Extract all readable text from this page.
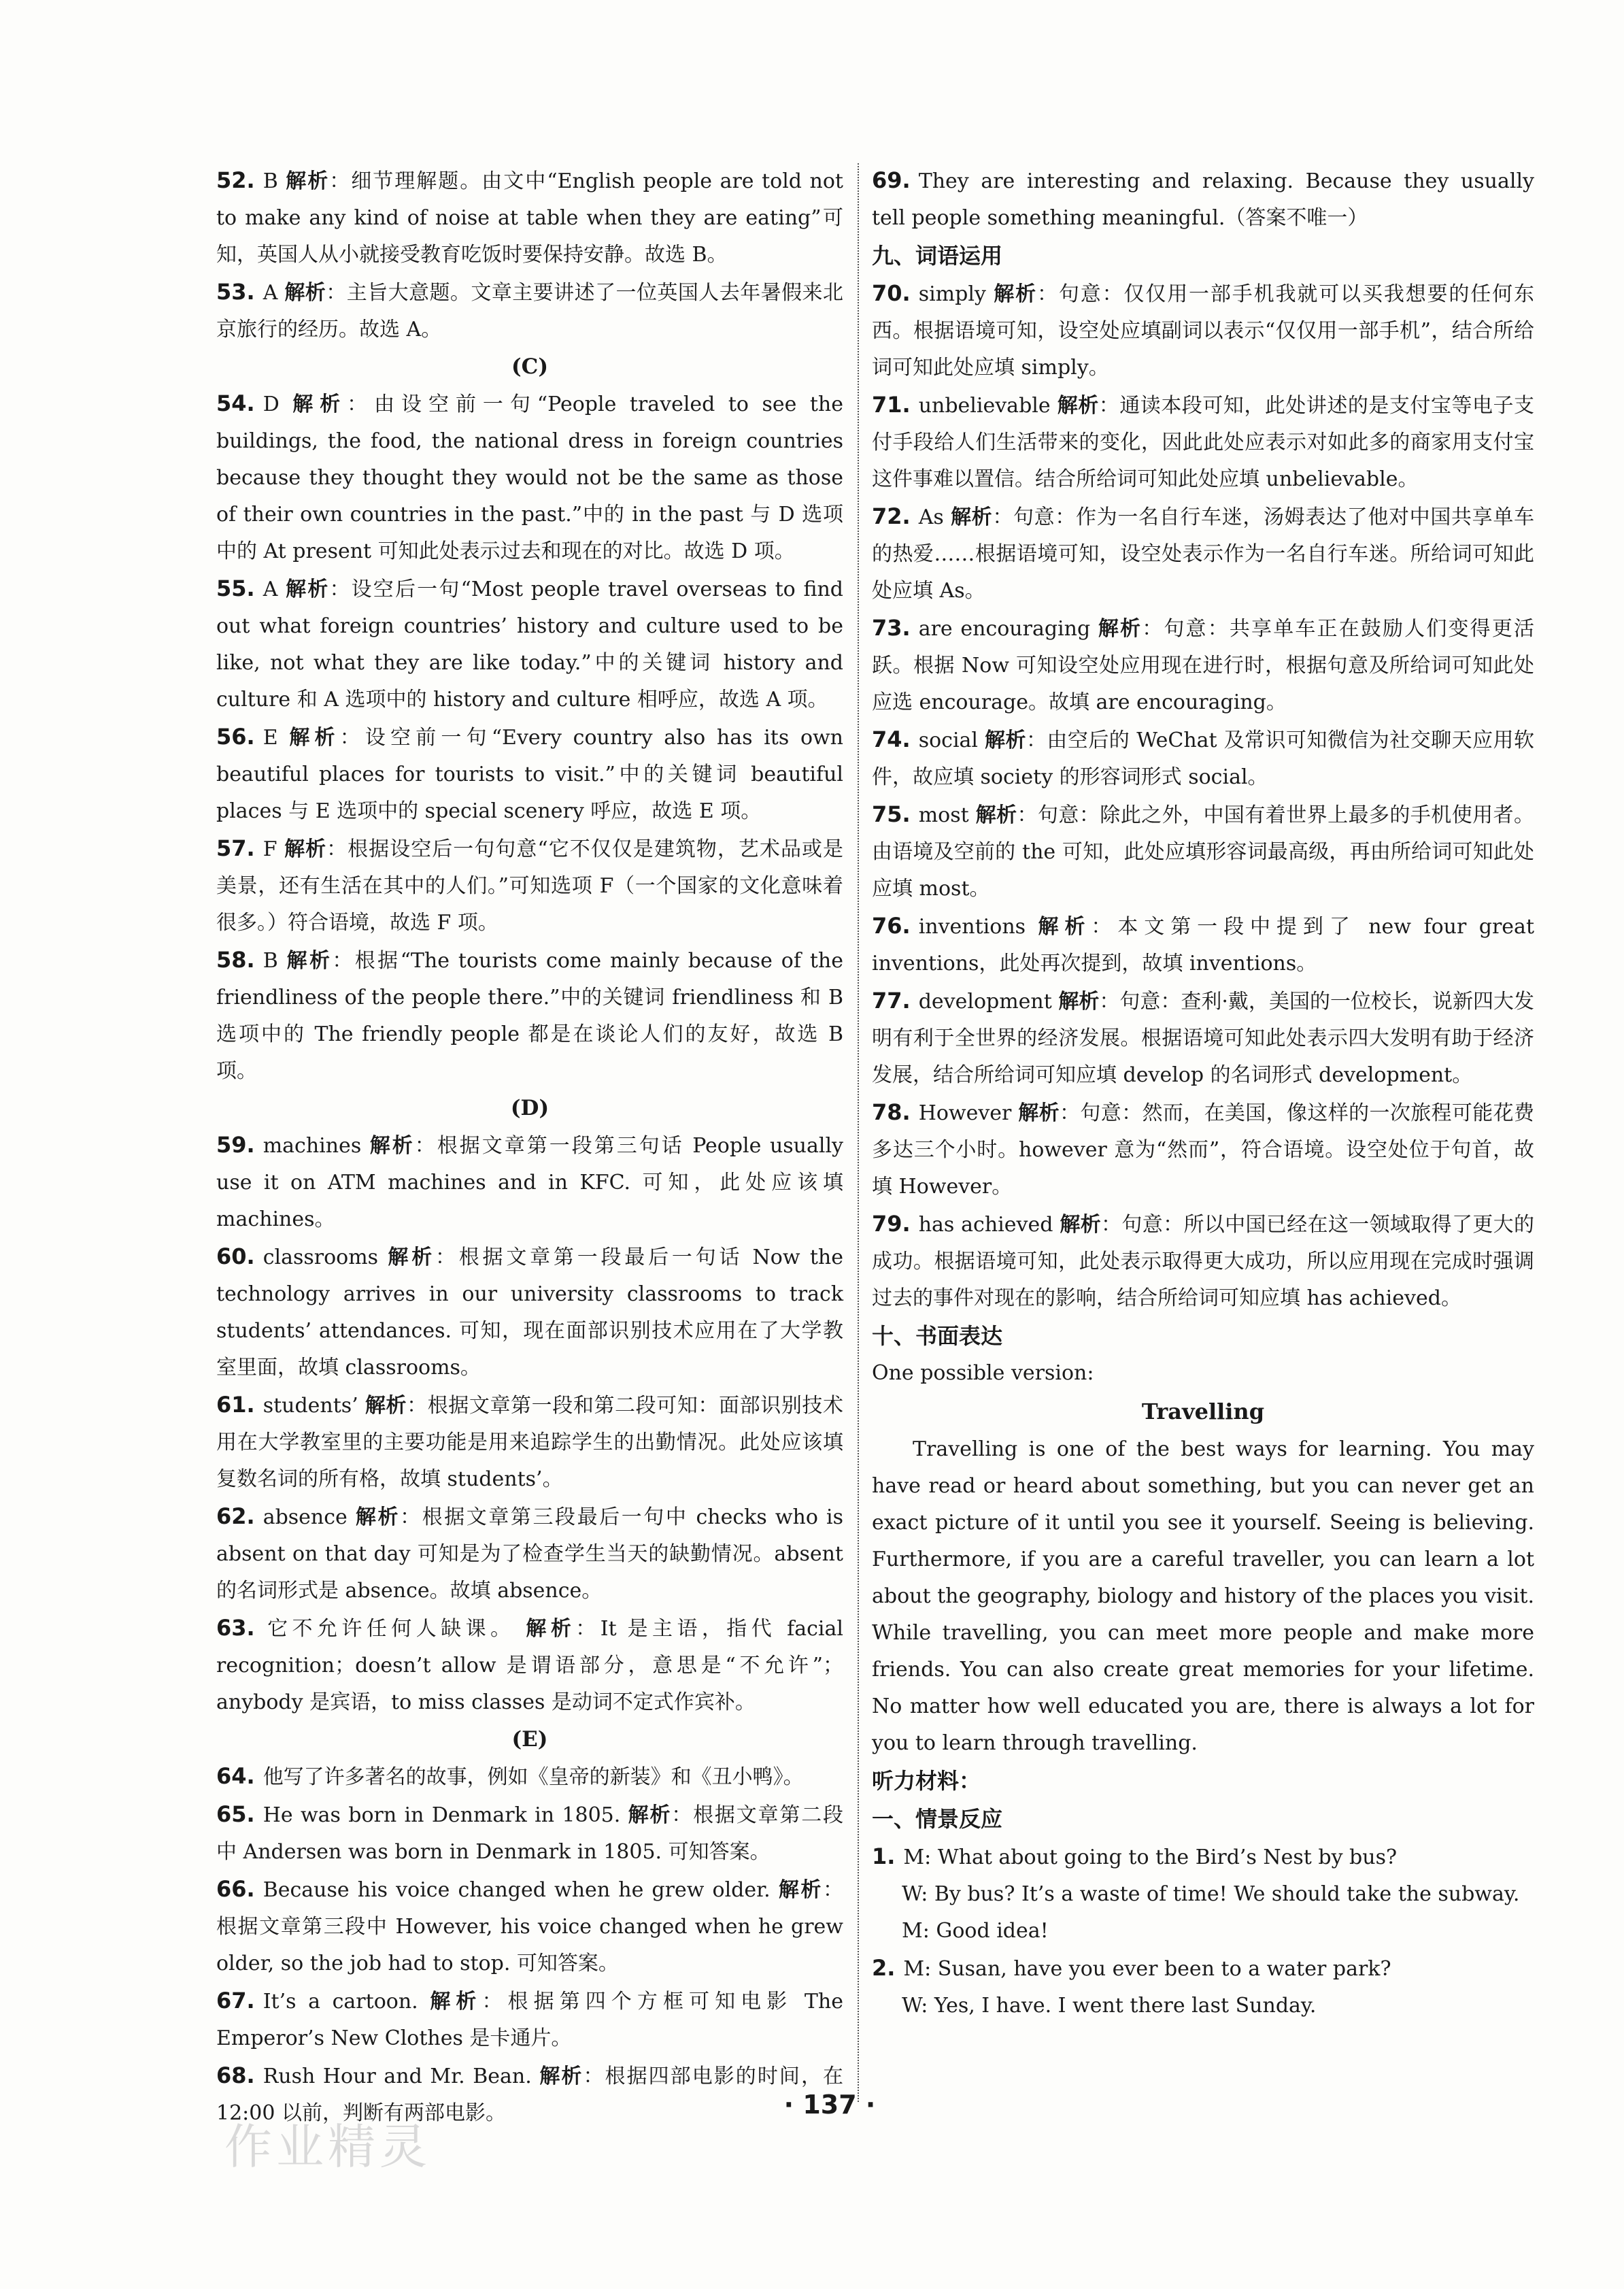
52. B 解析：细节理解题。由文中“English people are told not to make any kind of noise at table when they are eating”可知，英国人从小就接受教育吃饭时要保持安静。故选 B。
53. A 解析：主旨大意题。文章主要讲述了一位英国人去年暑假来北京旅行的经历。故选 A。
(C)
54. D 解析：由设空前一句“People traveled to see the buildings, the food, the national dress in foreign countries because they thought they would not be the same as those of their own countries in the past.”中的 in the past 与 D 选项中的 At present 可知此处表示过去和现在的对比。故选 D 项。
55. A 解析：设空后一句“Most people travel overseas to find out what foreign countries’ history and culture used to be like, not what they are like today.”中的关键词 history and culture 和 A 选项中的 history and culture 相呼应，故选 A 项。
56. E 解析：设空前一句“Every country also has its own beautiful places for tourists to visit.”中的关键词 beautiful places 与 E 选项中的 special scenery 呼应，故选 E 项。
57. F 解析：根据设空后一句句意“它不仅仅是建筑物，艺术品或是美景，还有生活在其中的人们。”可知选项 F（一个国家的文化意味着很多。）符合语境，故选 F 项。
58. B 解析：根据“The tourists come mainly because of the friendliness of the people there.”中的关键词 friendliness 和 B 选项中的 The friendly people 都是在谈论人们的友好，故选 B 项。
(D)
59. machines 解析：根据文章第一段第三句话 People usually use it on ATM machines and in KFC. 可知，此处应该填 machines。
60. classrooms 解析：根据文章第一段最后一句话 Now the technology arrives in our university classrooms to track students’ attendances. 可知，现在面部识别技术应用在了大学教室里面，故填 classrooms。
61. students’ 解析：根据文章第一段和第二段可知：面部识别技术用在大学教室里的主要功能是用来追踪学生的出勤情况。此处应该填复数名词的所有格，故填 students’。
62. absence 解析：根据文章第三段最后一句中 checks who is absent on that day 可知是为了检查学生当天的缺勤情况。absent 的名词形式是 absence。故填 absence。
63. 它不允许任何人缺课。 解析：It 是主语，指代 facial recognition；doesn’t allow 是谓语部分，意思是“不允许”；anybody 是宾语，to miss classes 是动词不定式作宾补。
(E)
64. 他写了许多著名的故事，例如《皇帝的新装》和《丑小鸭》。
65. He was born in Denmark in 1805. 解析：根据文章第二段中 Andersen was born in Denmark in 1805. 可知答案。
66. Because his voice changed when he grew older. 解析：根据文章第三段中 However, his voice changed when he grew older, so the job had to stop. 可知答案。
67. It’s a cartoon. 解析：根据第四个方框可知电影 The Emperor’s New Clothes 是卡通片。
68. Rush Hour and Mr. Bean. 解析：根据四部电影的时间，在 12:00 以前，判断有两部电影。
69. They are interesting and relaxing. Because they usually tell people something meaningful.（答案不唯一）
九、词语运用
70. simply 解析：句意：仅仅用一部手机我就可以买我想要的任何东西。根据语境可知，设空处应填副词以表示“仅仅用一部手机”，结合所给词可知此处应填 simply。
71. unbelievable 解析：通读本段可知，此处讲述的是支付宝等电子支付手段给人们生活带来的变化，因此此处应表示对如此多的商家用支付宝这件事难以置信。结合所给词可知此处应填 unbelievable。
72. As 解析：句意：作为一名自行车迷，汤姆表达了他对中国共享单车的热爱……根据语境可知，设空处表示作为一名自行车迷。所给词可知此处应填 As。
73. are encouraging 解析：句意：共享单车正在鼓励人们变得更活跃。根据 Now 可知设空处应用现在进行时，根据句意及所给词可知此处应选 encourage。故填 are encouraging。
74. social 解析：由空后的 WeChat 及常识可知微信为社交聊天应用软件，故应填 society 的形容词形式 social。
75. most 解析：句意：除此之外，中国有着世界上最多的手机使用者。由语境及空前的 the 可知，此处应填形容词最高级，再由所给词可知此处应填 most。
76. inventions 解析：本文第一段中提到了 new four great inventions，此处再次提到，故填 inventions。
77. development 解析：句意：查利·戴，美国的一位校长，说新四大发明有利于全世界的经济发展。根据语境可知此处表示四大发明有助于经济发展，结合所给词可知应填 develop 的名词形式 development。
78. However 解析：句意：然而，在美国，像这样的一次旅程可能花费多达三个小时。however 意为“然而”，符合语境。设空处位于句首，故填 However。
79. has achieved 解析：句意：所以中国已经在这一领域取得了更大的成功。根据语境可知，此处表示取得更大成功，所以应用现在完成时强调过去的事件对现在的影响，结合所给词可知应填 has achieved。
十、书面表达
One possible version:
Travelling
Travelling is one of the best ways for learning. You may have read or heard about something, but you can never get an exact picture of it until you see it yourself. Seeing is believing. Furthermore, if you are a careful traveller, you can learn a lot about the geography, biology and history of the places you visit. While travelling, you can meet more people and make more friends. You can also create great memories for your lifetime. No matter how well educated you are, there is always a lot for you to learn through travelling.
听力材料：
一、情景反应
1. M: What about going to the Bird’s Nest by bus?
W: By bus? It’s a waste of time! We should take the subway.
M: Good idea!
2. M: Susan, have you ever been to a water park?
W: Yes, I have. I went there last Sunday.
· 137 ·
作业精灵
